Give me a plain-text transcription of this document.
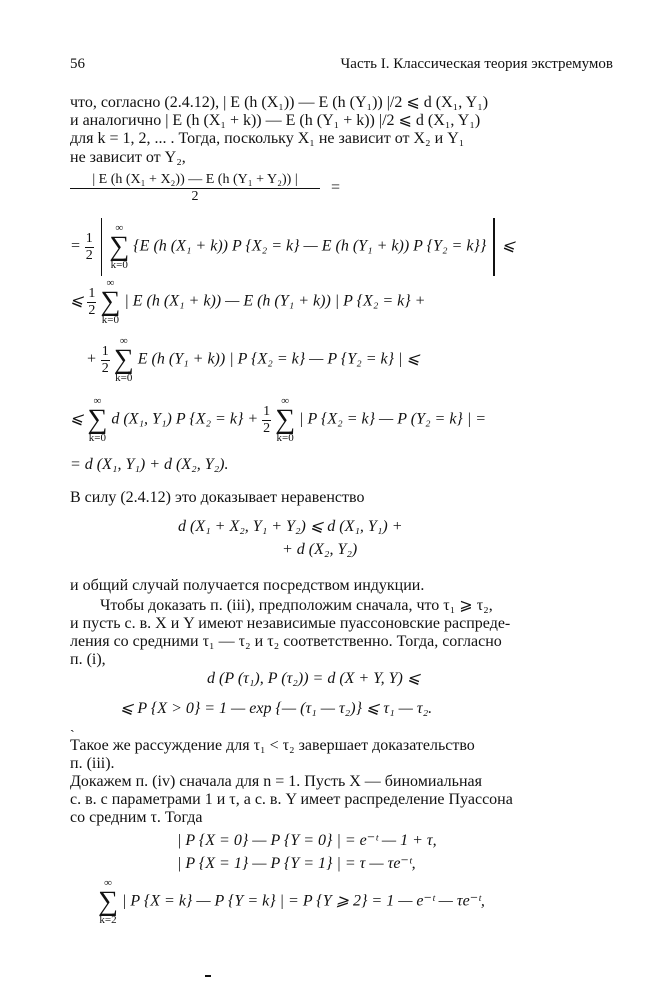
56	Часть I. Классическая теория экстремумов
что, согласно (2.4.12), | E (h (X₁)) — E (h (Y₁)) |/2 ⩽ d (X₁, Y₁)
и аналогично | E (h (X₁ + k)) — E (h (Y₁ + k)) |/2 ⩽ d (X₁, Y₁)
для k = 1, 2, ... . Тогда, поскольку X₁ не зависит от X₂ и Y₁
не зависит от Y₂,
$\frac{\text{| E (h (X₁ + X₂)) — E (h (Y₁ + Y₂)) |}}{2}$ =
= $\frac{1}{2}$

∞
∑
k=0
{E (h (X₁ + k)) P {X₂ = k} — E (h (Y₁ + k)) P {Y₂ = k}} ⩽
⩽ $\frac{1}{2}$

∞
∑
k=0
| E (h (X₁ + k)) — E (h (Y₁ + k)) | P {X₂ = k} +
+ $\frac{1}{2}$

∞
∑
k=0
E (h (Y₁ + k)) | P {X₂ = k} — P {Y₂ = k} | ⩽
⩽
∞
∑
k=0
d (X₁, Y₁) P $\{X_2 = k\} + \frac{1}{2}$

∞
∑
k=0
| P {X₂ = k} — P (Y₂ = k} | =
= d (X₁, Y₁) + d (X₂, Y₂).
В силу (2.4.12) это доказывает неравенство
d (X₁ + X₂, Y₁ + Y₂) ⩽ d (X₁, Y₁) +
+ d (X₂, Y₂)
и общий случай получается посредством индукции.
Чтобы доказать п. (iii), предположим сначала, что τ₁ ⩾ τ₂,
и пусть с. в. X и Y имеют независимые пуассоновские распреде-
ления со средними τ₁ — τ₂ и τ₂ соответственно. Тогда, согласно
п. (i),
d (P (τ₁), P (τ₂)) = d (X + Y, Y) ⩽
⩽ P {X > 0} = 1 — exp {— (τ₁ — τ₂)} ⩽ τ₁ — τ₂.
ˏ
Такое же рассуждение для τ₁ < τ₂ завершает доказательство
п. (iii).
Докажем п. (iv) сначала для n = 1. Пусть X — биномиальная
с. в. с параметрами 1 и τ, а с. в. Y имеет распределение Пуассона
со средним τ. Тогда
| P {X = 0} — P {Y = 0} | = e⁻ᵗ — 1 + τ,
| P {X = 1} — P {Y = 1} | = τ — τe⁻ᵗ,
∞
∑
k=2
| P {X = k} — P {Y = k} | = P {Y ⩾ 2} = 1 — e⁻ᵗ — τe⁻ᵗ,
